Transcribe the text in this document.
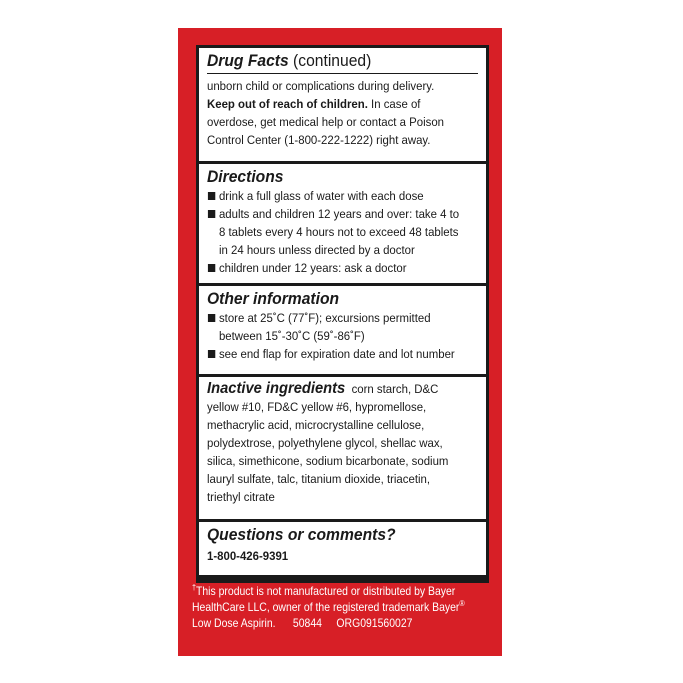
Drug Facts (continued)

unborn child or complications during delivery.

Keep out of reach of children. In case of

overdose, get medical help or contact a Poison

Control Center (1-800-222-1222) right away.

Directions

drink a full glass of water with each dose

adults and children 12 years and over: take 4 to

8 tablets every 4 hours not to exceed 48 tablets

in 24 hours unless directed by a doctor

children under 12 years: ask a doctor

Other information

store at 25˚C (77˚F); excursions permitted

between 15˚-30˚C (59˚-86˚F)

see end flap for expiration date and lot number

Inactive ingredients corn starch, D&C

yellow #10, FD&C yellow #6, hypromellose,

methacrylic acid, microcrystalline cellulose,

polydextrose, polyethylene glycol, shellac wax,

silica, simethicone, sodium bicarbonate, sodium

lauryl sulfate, talc, titanium dioxide, triacetin,

triethyl citrate

Questions or comments?
1-800-426-9391

†This product is not manufactured or distributed by Bayer

HealthCare LLC, owner of the registered trademark Bayer®

Low Dose Aspirin. 50844 ORG091560027
